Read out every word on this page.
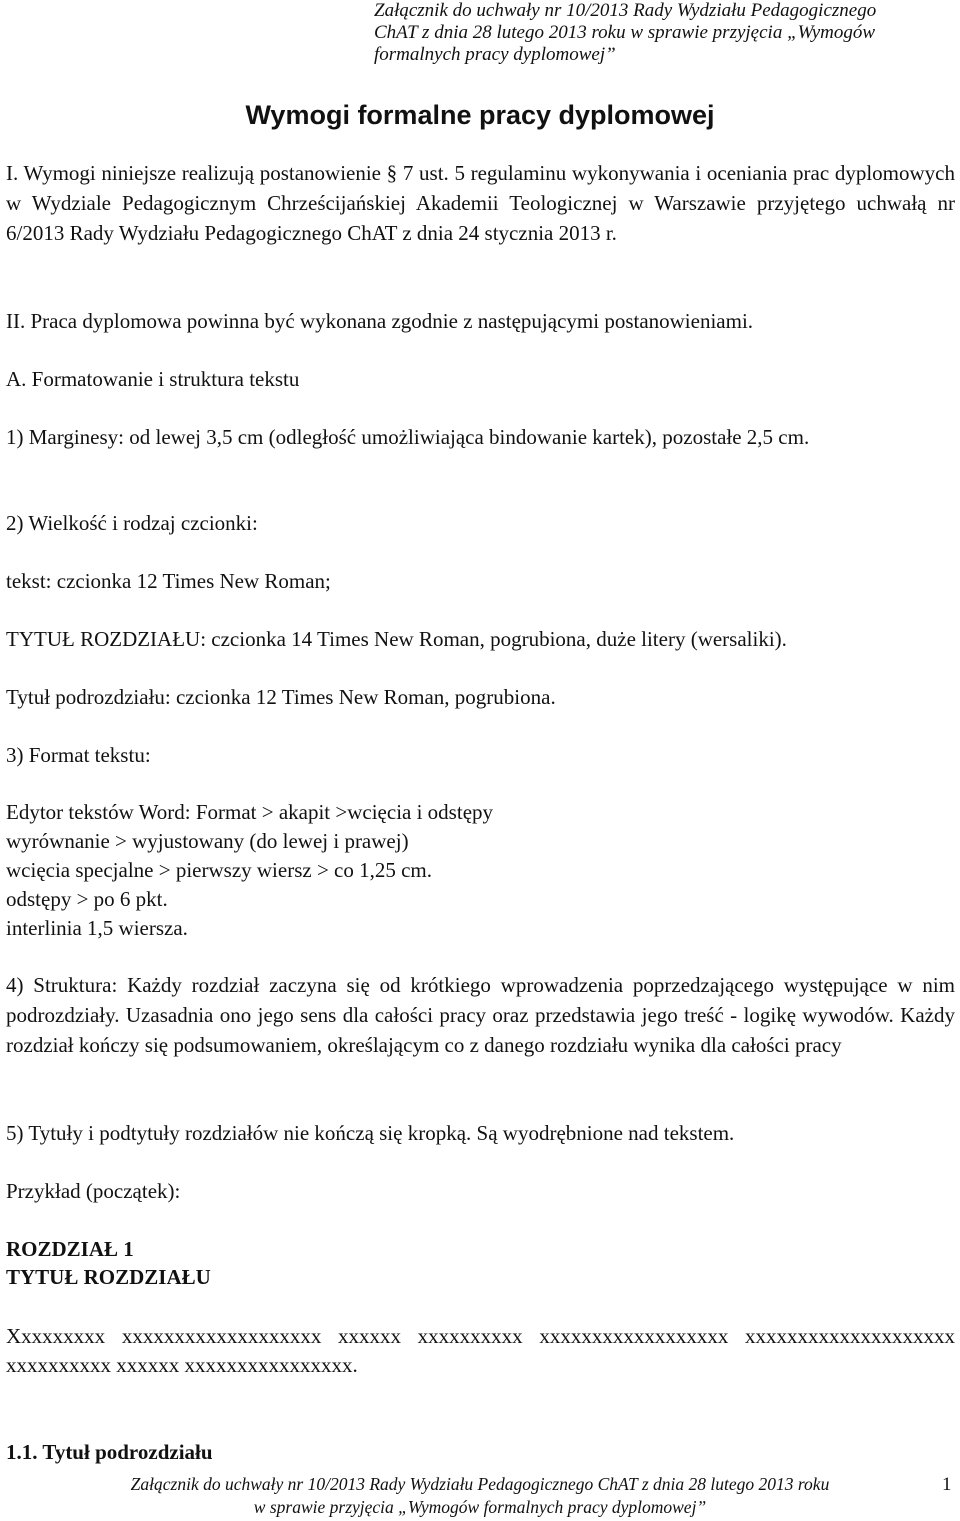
Załącznik do uchwały nr 10/2013 Rady Wydziału Pedagogicznego
ChAT z dnia 28 lutego 2013 roku w sprawie przyjęcia „Wymogów
formalnych pracy dyplomowej”
Wymogi formalne pracy dyplomowej
I. Wymogi niniejsze realizują postanowienie § 7 ust. 5 regulaminu wykonywania i oceniania prac dyplomowych w Wydziale Pedagogicznym Chrześcijańskiej Akademii Teologicznej w Warszawie przyjętego uchwałą nr 6/2013 Rady Wydziału Pedagogicznego ChAT z dnia 24 stycznia 2013 r.
II. Praca dyplomowa powinna być wykonana zgodnie z następującymi postanowieniami.
A. Formatowanie i struktura tekstu
1) Marginesy: od lewej 3,5 cm (odległość umożliwiająca bindowanie kartek), pozostałe 2,5 cm.
2) Wielkość i rodzaj czcionki:
tekst: czcionka 12 Times New Roman;
TYTUŁ ROZDZIAŁU: czcionka 14 Times New Roman, pogrubiona, duże litery (wersaliki).
Tytuł podrozdziału: czcionka 12 Times New Roman, pogrubiona.
3) Format tekstu:
Edytor tekstów Word: Format > akapit >wcięcia i odstępy
wyrównanie > wyjustowany (do lewej i prawej)
wcięcia specjalne > pierwszy wiersz > co 1,25 cm.
odstępy > po 6 pkt.
interlinia 1,5 wiersza.
4) Struktura: Każdy rozdział zaczyna się od krótkiego wprowadzenia poprzedzającego występujące w nim podrozdziały. Uzasadnia ono jego sens dla całości pracy oraz przedstawia jego treść - logikę wywodów. Każdy rozdział kończy się podsumowaniem, określającym co z danego rozdziału wynika dla całości pracy
5) Tytuły i podtytuły rozdziałów nie kończą się kropką. Są wyodrębnione nad tekstem.
Przykład (początek):
ROZDZIAŁ 1
TYTUŁ ROZDZIAŁU
Xxxxxxxxx xxxxxxxxxxxxxxxxxxx xxxxxx xxxxxxxxxx xxxxxxxxxxxxxxxxxx xxxxxxxxxxxxxxxxxxxx xxxxxxxxxx xxxxxx xxxxxxxxxxxxxxxx.
1.1. Tytuł podrozdziału
Załącznik do uchwały nr 10/2013 Rady Wydziału Pedagogicznego ChAT z dnia 28 lutego 2013 roku
w sprawie przyjęcia „Wymogów formalnych pracy dyplomowej”
1
